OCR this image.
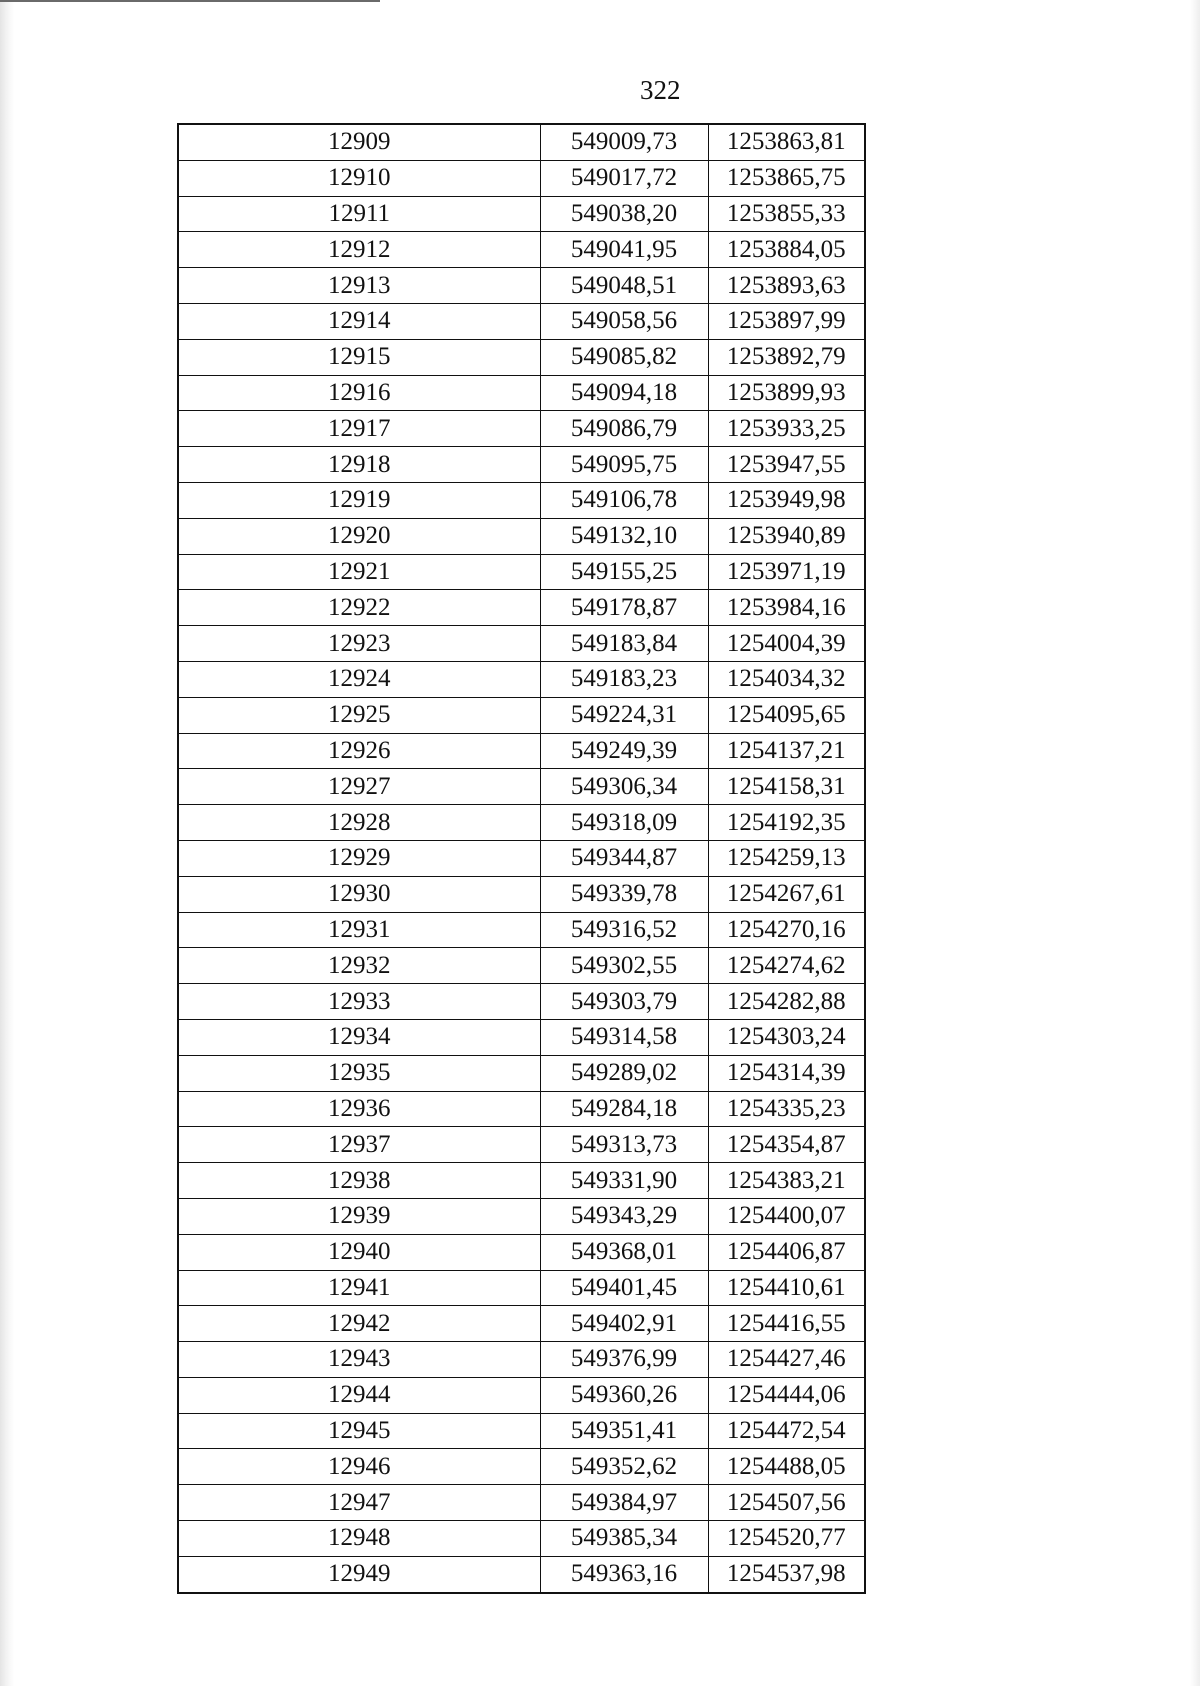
322
12909	549009,73	1253863,81
12910	549017,72	1253865,75
12911	549038,20	1253855,33
12912	549041,95	1253884,05
12913	549048,51	1253893,63
12914	549058,56	1253897,99
12915	549085,82	1253892,79
12916	549094,18	1253899,93
12917	549086,79	1253933,25
12918	549095,75	1253947,55
12919	549106,78	1253949,98
12920	549132,10	1253940,89
12921	549155,25	1253971,19
12922	549178,87	1253984,16
12923	549183,84	1254004,39
12924	549183,23	1254034,32
12925	549224,31	1254095,65
12926	549249,39	1254137,21
12927	549306,34	1254158,31
12928	549318,09	1254192,35
12929	549344,87	1254259,13
12930	549339,78	1254267,61
12931	549316,52	1254270,16
12932	549302,55	1254274,62
12933	549303,79	1254282,88
12934	549314,58	1254303,24
12935	549289,02	1254314,39
12936	549284,18	1254335,23
12937	549313,73	1254354,87
12938	549331,90	1254383,21
12939	549343,29	1254400,07
12940	549368,01	1254406,87
12941	549401,45	1254410,61
12942	549402,91	1254416,55
12943	549376,99	1254427,46
12944	549360,26	1254444,06
12945	549351,41	1254472,54
12946	549352,62	1254488,05
12947	549384,97	1254507,56
12948	549385,34	1254520,77
12949	549363,16	1254537,98
